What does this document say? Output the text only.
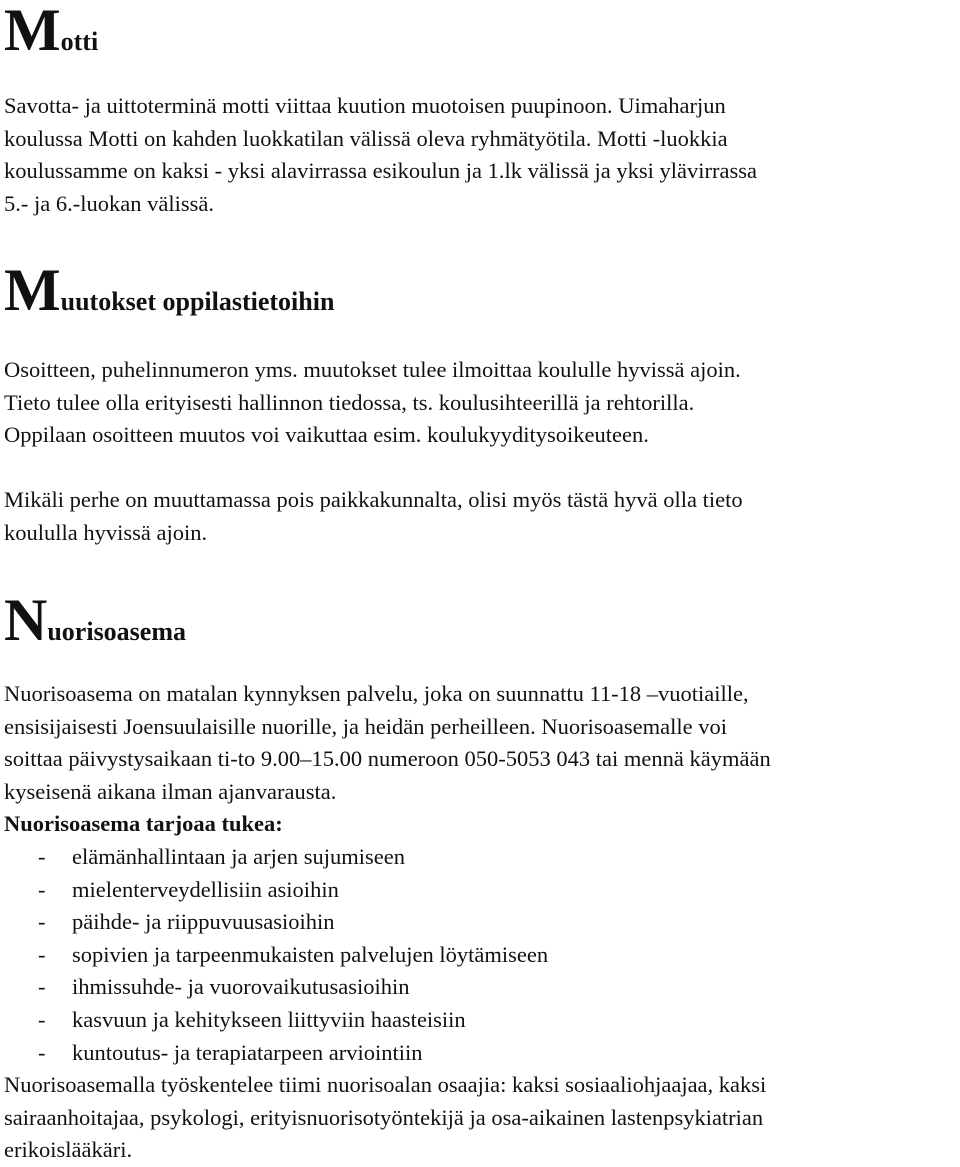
M otti

Savotta- ja uittoterminä motti viittaa kuution muotoisen puupinoon. Uimaharjun

koulussa Motti on kahden luokkatilan välissä oleva ryhmätyötila. Motti -luokkia

koulussamme on kaksi - yksi alavirrassa esikoulun ja 1.lk välissä ja yksi ylävirrassa

5.- ja 6.-luokan välissä.

M uutokset oppilastietoihin

Osoitteen, puhelinnumeron yms. muutokset tulee ilmoittaa koululle hyvissä ajoin.

Tieto tulee olla erityisesti hallinnon tiedossa, ts. koulusihteerillä ja rehtorilla.

Oppilaan osoitteen muutos voi vaikuttaa esim. koulukyyditysoikeuteen.

Mikäli perhe on muuttamassa pois paikkakunnalta, olisi myös tästä hyvä olla tieto

koululla hyvissä ajoin.

N uorisoasema

Nuorisoasema on matalan kynnyksen palvelu, joka on suunnattu 11-18 –vuotiaille,

ensisijaisesti Joensuulaisille nuorille, ja heidän perheilleen. Nuorisoasemalle voi

soittaa päivystysaikaan ti-to 9.00–15.00 numeroon 050-5053 043 tai mennä käymään

kyseisenä aikana ilman ajanvarausta.

Nuorisoasema tarjoaa tukea:

-	elämänhallintaan ja arjen sujumiseen
-	mielenterveydellisiin asioihin
-	päihde- ja riippuvuusasioihin
-	sopivien ja tarpeenmukaisten palvelujen löytämiseen
-	ihmissuhde- ja vuorovaikutusasioihin
-	kasvuun ja kehitykseen liittyviin haasteisiin
-	kuntoutus- ja terapiatarpeen arviointiin

Nuorisoasemalla työskentelee tiimi nuorisoalan osaajia: kaksi sosiaaliohjaajaa, kaksi

sairaanhoitajaa, psykologi, erityisnuorisotyöntekijä ja osa-aikainen lastenpsykiatrian

erikoislääkäri.
